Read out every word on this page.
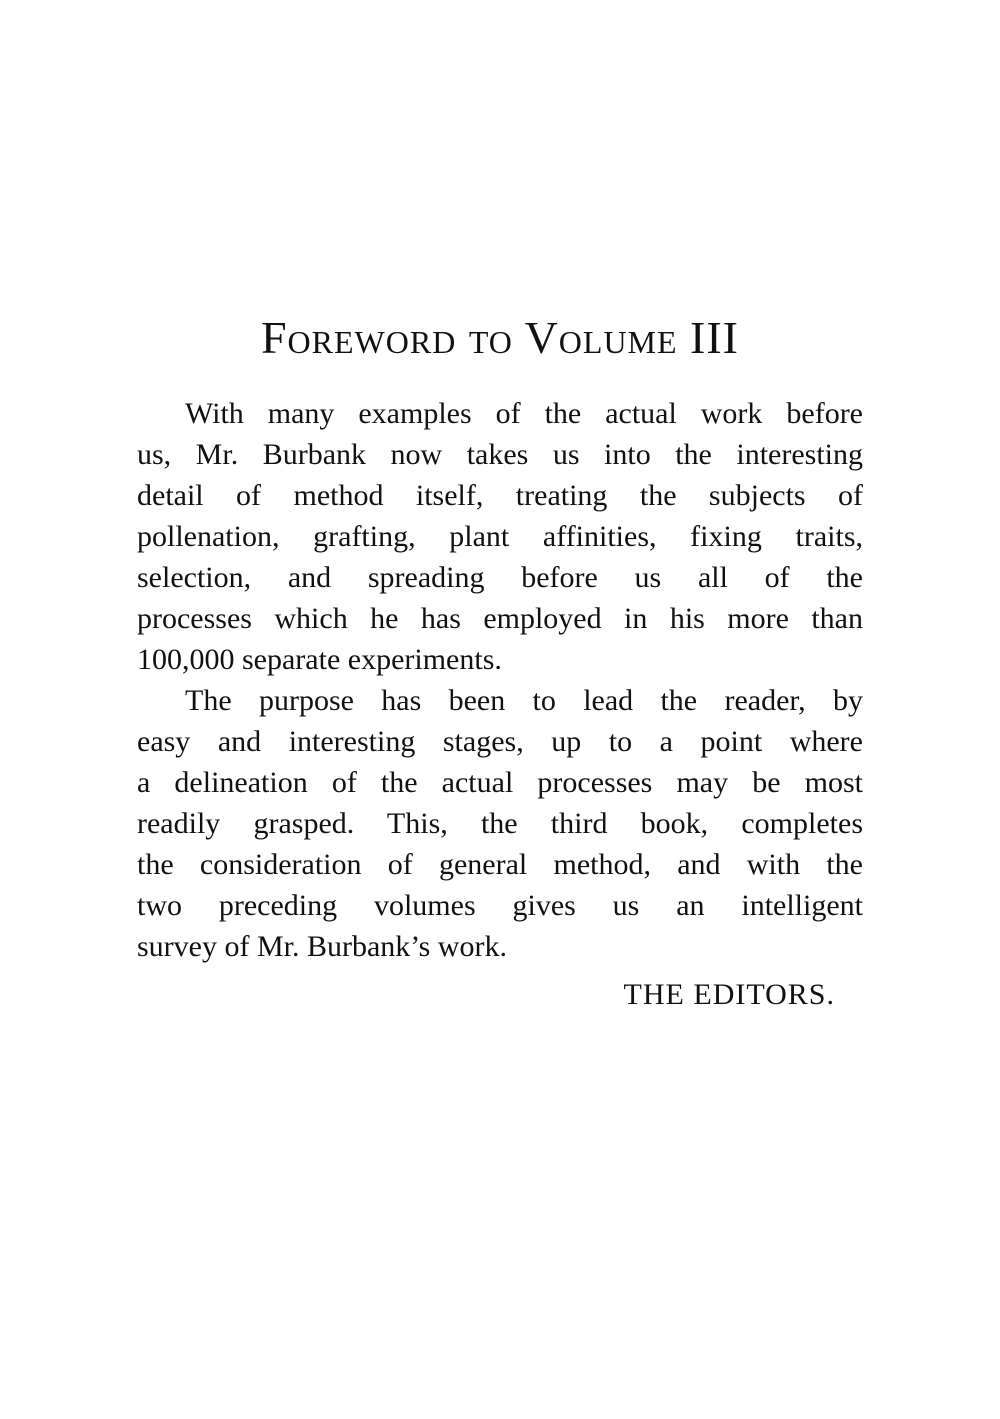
Foreword to Volume III
With many examples of the actual work before
us, Mr. Burbank now takes us into the interesting
detail of method itself, treating the subjects of
pollenation, grafting, plant affinities, fixing traits,
selection, and spreading before us all of the
processes which he has employed in his more than
100,000 separate experiments.
The purpose has been to lead the reader, by
easy and interesting stages, up to a point where
a delineation of the actual processes may be most
readily grasped. This, the third book, completes
the consideration of general method, and with the
two preceding volumes gives us an intelligent
survey of Mr. Burbank’s work.
THE EDITORS.
